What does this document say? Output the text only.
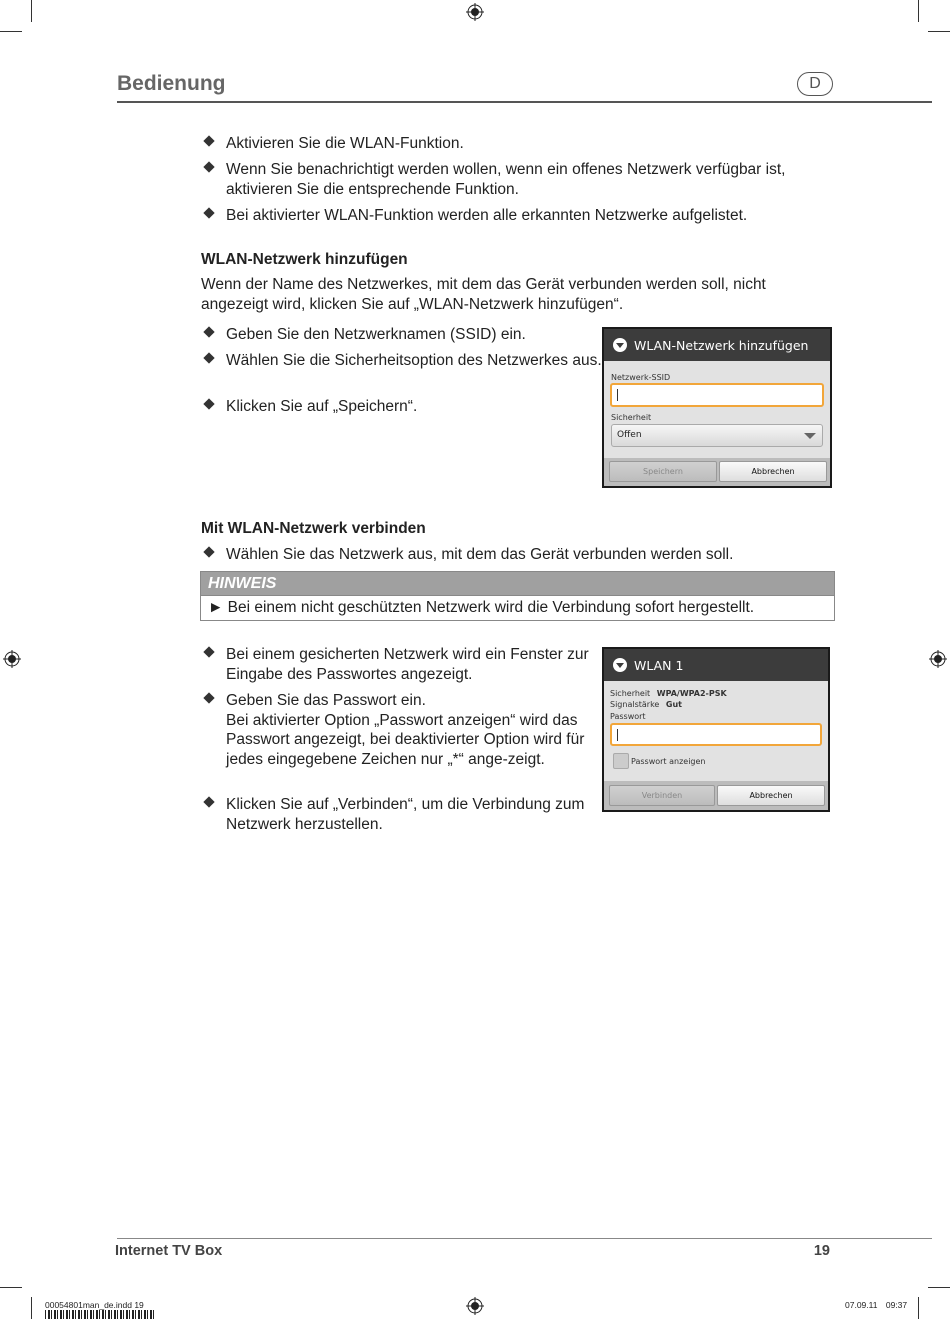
Bedienung	D
Aktivieren Sie die WLAN-Funktion.
Wenn Sie benachrichtigt werden wollen, wenn ein offenes Netzwerk verfügbar ist, aktivieren Sie die entsprechende Funktion.
Bei aktivierter WLAN-Funktion werden alle erkannten Netzwerke aufgelistet.
WLAN-Netzwerk hinzufügen
Wenn der Name des Netzwerkes, mit dem das Gerät verbunden werden soll, nicht angezeigt wird, klicken Sie auf „WLAN-Netzwerk hinzufügen“.
Geben Sie den Netzwerknamen (SSID) ein.
Wählen Sie die Sicherheitsoption des Netzwerkes aus.
Klicken Sie auf „Speichern“.
WLAN-Netzwerk hinzufügen
Netzwerk-SSID
Sicherheit
Offen
Speichern	Abbrechen
Mit WLAN-Netzwerk verbinden
Wählen Sie das Netzwerk aus, mit dem das Gerät verbunden werden soll.
HINWEIS
► Bei einem nicht geschützten Netzwerk wird die Verbindung sofort hergestellt.
Bei einem gesicherten Netzwerk wird ein Fenster zur Eingabe des Passwortes angezeigt.
Geben Sie das Passwort ein.
Bei aktivierter Option „Passwort anzeigen“ wird das Passwort angezeigt, bei deaktivierter Option wird für jedes eingegebene Zeichen nur „*“ ange-zeigt.
Klicken Sie auf „Verbinden“, um die Verbindung zum Netzwerk herzustellen.
WLAN 1
Sicherheit WPA/WPA2-PSK
Signalstärke Gut
Passwort
Passwort anzeigen
Verbinden	Abbrechen
Internet TV Box	19
00054801man_de.indd 19	07.09.11 09:37
